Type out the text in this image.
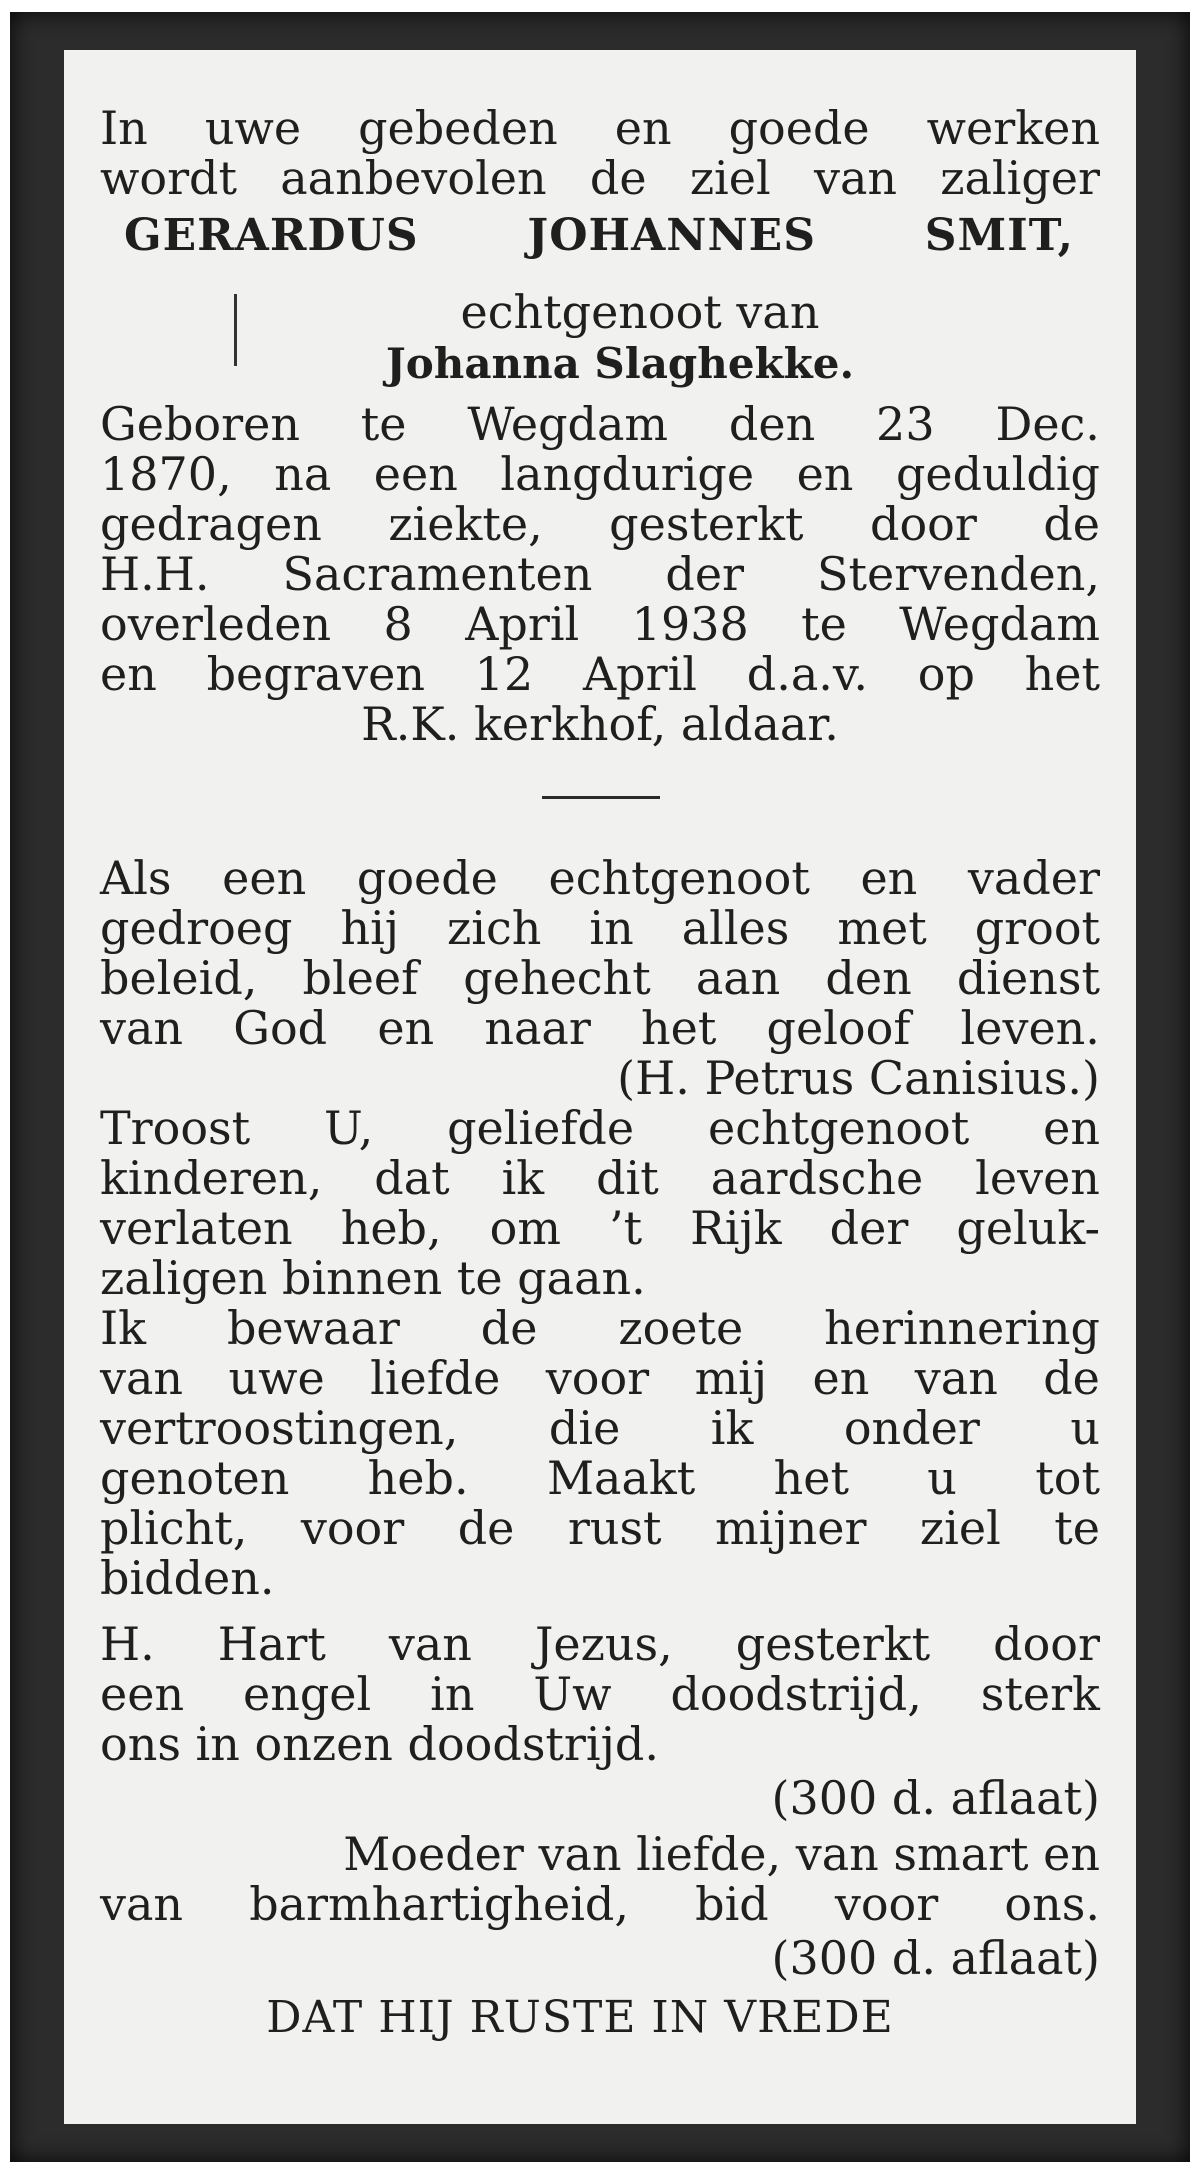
In uwe gebeden en goede werken
wordt aanbevolen de ziel van zaliger
GERARDUS JOHANNES SMIT,
echtgenoot van
Johanna Slaghekke.
Geboren te Wegdam den 23 Dec.
1870, na een langdurige en geduldig
gedragen ziekte, gesterkt door de
H.H. Sacramenten der Stervenden,
overleden 8 April 1938 te Wegdam
en begraven 12 April d.a.v. op het
R.K. kerkhof, aldaar.
Als een goede echtgenoot en vader
gedroeg hij zich in alles met groot
beleid, bleef gehecht aan den dienst
van God en naar het geloof leven.
(H. Petrus Canisius.)
Troost U, geliefde echtgenoot en
kinderen, dat ik dit aardsche leven
verlaten heb, om ’t Rijk der geluk-
zaligen binnen te gaan.
Ik bewaar de zoete herinnering
van uwe liefde voor mij en van de
vertroostingen, die ik onder u
genoten heb. Maakt het u tot
plicht, voor de rust mijner ziel te
bidden.
H. Hart van Jezus, gesterkt door
een engel in Uw doodstrijd, sterk
ons in onzen doodstrijd.
(300 d. aflaat)
Moeder van liefde, van smart en
van barmhartigheid, bid voor ons.
(300 d. aflaat)
DAT HIJ RUSTE IN VREDE
